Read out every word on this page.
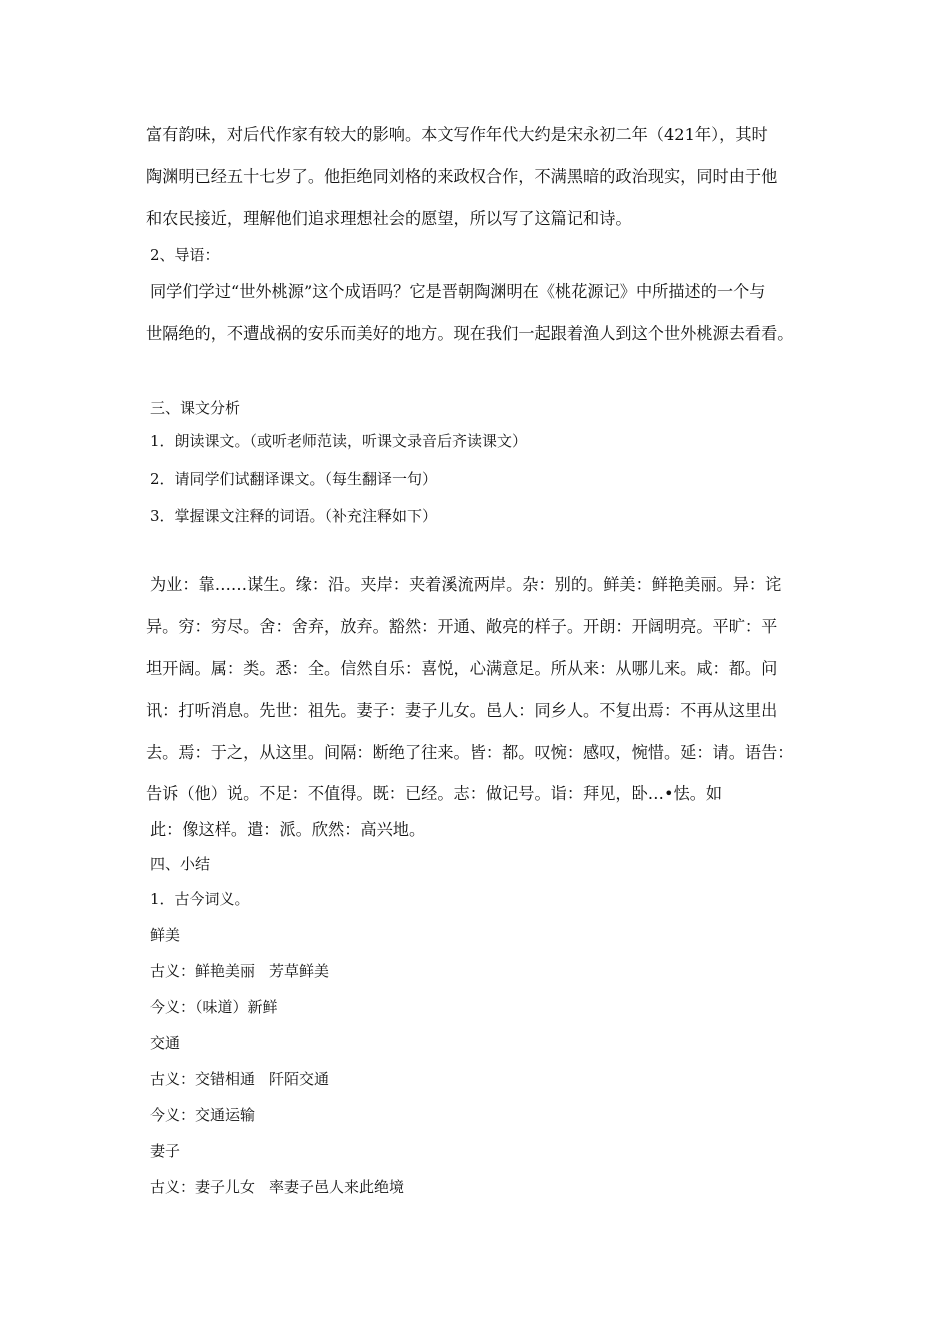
富有韵味，对后代作家有较大的影响。本文写作年代大约是宋永初二年（421年），其时
陶渊明已经五十七岁了。他拒绝同刘格的来政权合作，不满黑暗的政治现实，同时由于他
和农民接近，理解他们追求理想社会的愿望，所以写了这篇记和诗。
2、导语：
同学们学过“世外桃源”这个成语吗？它是晋朝陶渊明在《桃花源记》中所描述的一个与
世隔绝的，不遭战祸的安乐而美好的地方。现在我们一起跟着渔人到这个世外桃源去看看。
三、课文分析
1．朗读课文。（或听老师范读，听课文录音后齐读课文）
2．请同学们试翻译课文。（每生翻译一句）
3．掌握课文注释的词语。（补充注释如下）
为业：靠……谋生。缘：沿。夹岸：夹着溪流两岸。杂：别的。鲜美：鲜艳美丽。异：诧
异。穷：穷尽。舍：舍弃，放弃。豁然：开通、敞亮的样子。开朗：开阔明亮。平旷：平
坦开阔。属：类。悉：全。信然自乐：喜悦，心满意足。所从来：从哪儿来。咸：都。问
讯：打听消息。先世：祖先。妻子：妻子儿女。邑人：同乡人。不复出焉：不再从这里出
去。焉：于之，从这里。间隔：断绝了往来。皆：都。叹惋：感叹，惋惜。延：请。语告：
告诉（他）说。不足：不值得。既：已经。志：做记号。诣：拜见，卧…•怯。如
此：像这样。遣：派。欣然：高兴地。
四、小结
1．古今词义。
鲜美
古义：鲜艳美丽 芳草鲜美
今义：（味道）新鲜
交通
古义：交错相通 阡陌交通
今义：交通运输
妻子
古义：妻子儿女 率妻子邑人来此绝境
